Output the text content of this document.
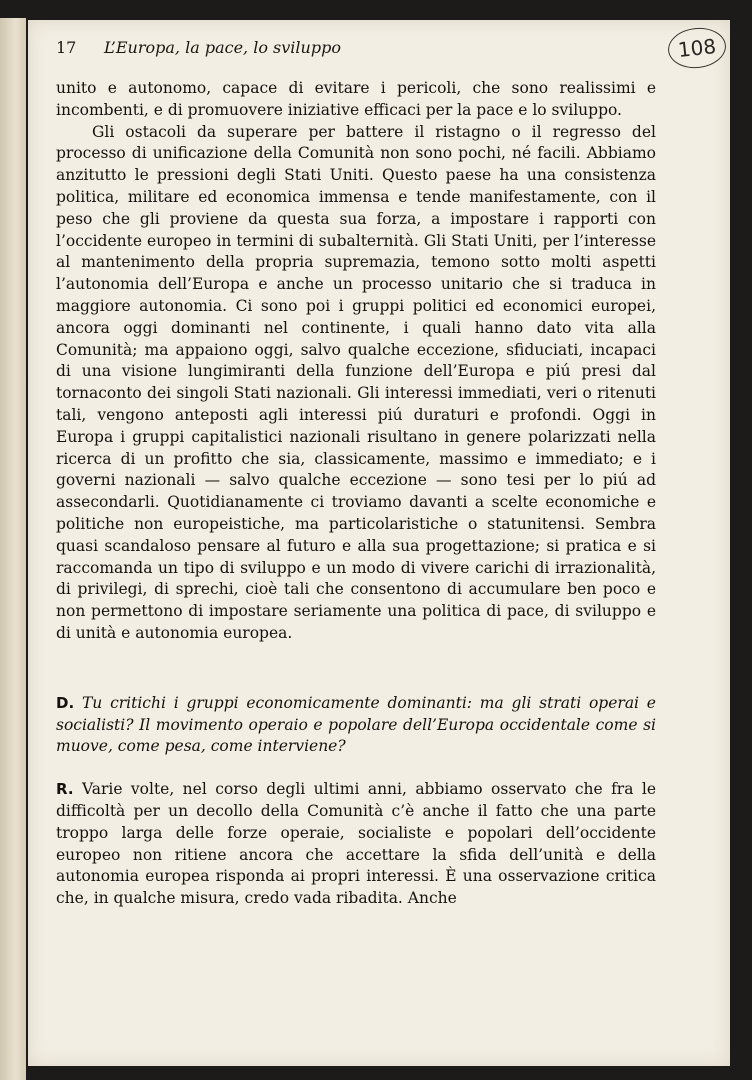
17 L’Europa, la pace, lo sviluppo	108

unito e autonomo, capace di evitare i pericoli, che sono realissimi e incombenti, e di promuovere iniziative efficaci per la pace e lo sviluppo.

Gli ostacoli da superare per battere il ristagno o il regresso del processo di unificazione della Comunità non sono pochi, né facili. Abbiamo anzitutto le pressioni degli Stati Uniti. Questo paese ha una consistenza politica, militare ed economica immensa e tende manifestamente, con il peso che gli proviene da questa sua forza, a impostare i rapporti con l’occidente europeo in termini di subalternità. Gli Stati Uniti, per l’interesse al mantenimento della propria supremazia, temono sotto molti aspetti l’autonomia dell’Europa e anche un processo unitario che si traduca in maggiore autonomia. Ci sono poi i gruppi politici ed economici europei, ancora oggi dominanti nel continente, i quali hanno dato vita alla Comunità; ma appaiono oggi, salvo qualche eccezione, sfiduciati, incapaci di una visione lungimiranti della funzione dell’Europa e piú presi dal tornaconto dei singoli Stati nazionali. Gli interessi immediati, veri o ritenuti tali, vengono anteposti agli interessi piú duraturi e profondi. Oggi in Europa i gruppi capitalistici nazionali risultano in genere polarizzati nella ricerca di un profitto che sia, classicamente, massimo e immediato; e i governi nazionali — salvo qualche eccezione — sono tesi per lo piú ad assecondarli. Quotidianamente ci troviamo davanti a scelte economiche e politiche non europeistiche, ma particolaristiche o statunitensi. Sembra quasi scandaloso pensare al futuro e alla sua progettazione; si pratica e si raccomanda un tipo di sviluppo e un modo di vivere carichi di irrazionalità, di privilegi, di sprechi, cioè tali che consentono di accumulare ben poco e non permettono di impostare seriamente una politica di pace, di sviluppo e di unità e autonomia europea.

D. Tu critichi i gruppi economicamente dominanti: ma gli strati operai e socialisti? Il movimento operaio e popolare dell’Europa occidentale come si muove, come pesa, come interviene?

R. Varie volte, nel corso degli ultimi anni, abbiamo osservato che fra le difficoltà per un decollo della Comunità c’è anche il fatto che una parte troppo larga delle forze operaie, socialiste e popolari dell’occidente europeo non ritiene ancora che accettare la sfida dell’unità e della autonomia europea risponda ai propri interessi. È una osservazione critica che, in qualche misura, credo vada ribadita. Anche
